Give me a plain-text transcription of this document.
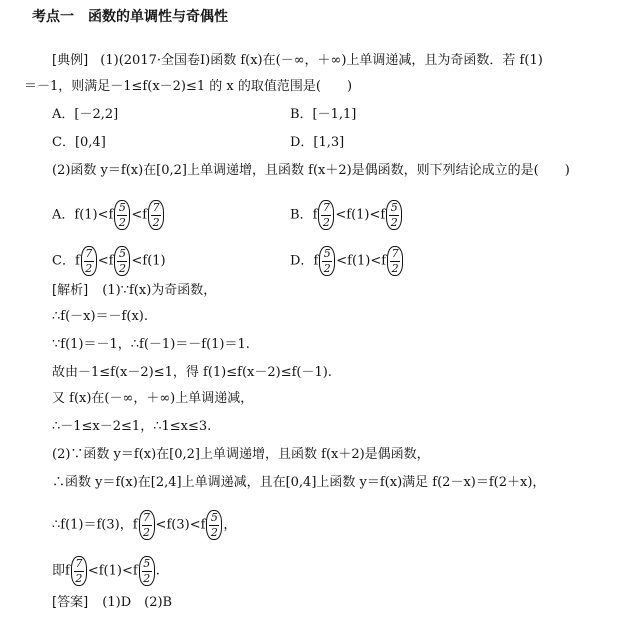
考点一　函数的单调性与奇偶性
[典例] (1)(2017·全国卷Ⅰ)函数 f(x)在(－∞，＋∞)上单调递减，且为奇函数．若 f(1)
＝－1，则满足－1≤f(x－2)≤1 的 x 的取值范围是(　　)
A．[－2,2]	B．[－1,1]
C．[0,4]	D．[1,3]
(2)函数 y＝f(x)在[0,2]上单调递增，且函数 f(x＋2)是偶函数，则下列结论成立的是(　　)
A．$f(1)<f \frac{5}{2} <f \frac{7}{2}$	B．f $\frac{7}{2} <f(1)<f \frac{5}{2}$
C．f $\frac{7}{2} <f \frac{5}{2} <f(1)$	D．f $\frac{5}{2} <f(1)<f \frac{7}{2}$
[解析] (1)∵f(x)为奇函数，
∴f(－x)＝－f(x).
∵f(1)＝－1，∴f(－1)＝－f(1)＝1.
故由－1≤f(x－2)≤1，得 f(1)≤f(x－2)≤f(－1).
又 f(x)在(－∞，＋∞)上单调递减，
∴－1≤x－2≤1，∴1≤x≤3.
(2)∵函数 y＝f(x)在[0,2]上单调递增，且函数 f(x＋2)是偶函数，
∴函数 y＝f(x)在[2,4]上单调递减，且在[0,4]上函数 y＝f(x)满足 f(2－x)＝f(2＋x)，
∴f(1)＝f(3)，f $\frac{7}{2} <f(3)<f \frac{5}{2}$ ，
即f $\frac{7}{2} <f(1)<f \frac{5}{2}$ .
[答案] (1)D　(2)B
